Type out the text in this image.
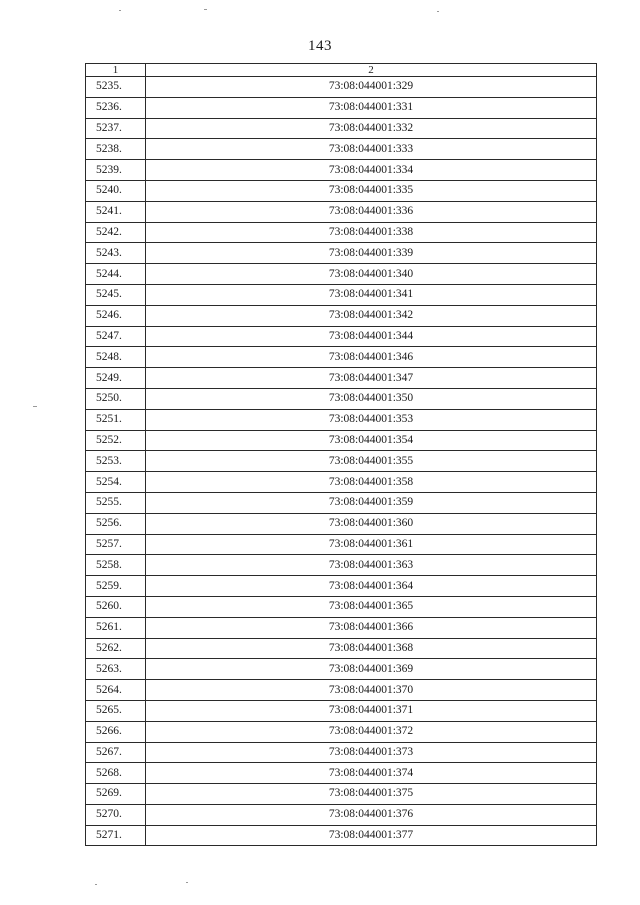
143
1	2
5235.	73:08:044001:329
5236.	73:08:044001:331
5237.	73:08:044001:332
5238.	73:08:044001:333
5239.	73:08:044001:334
5240.	73:08:044001:335
5241.	73:08:044001:336
5242.	73:08:044001:338
5243.	73:08:044001:339
5244.	73:08:044001:340
5245.	73:08:044001:341
5246.	73:08:044001:342
5247.	73:08:044001:344
5248.	73:08:044001:346
5249.	73:08:044001:347
5250.	73:08:044001:350
5251.	73:08:044001:353
5252.	73:08:044001:354
5253.	73:08:044001:355
5254.	73:08:044001:358
5255.	73:08:044001:359
5256.	73:08:044001:360
5257.	73:08:044001:361
5258.	73:08:044001:363
5259.	73:08:044001:364
5260.	73:08:044001:365
5261.	73:08:044001:366
5262.	73:08:044001:368
5263.	73:08:044001:369
5264.	73:08:044001:370
5265.	73:08:044001:371
5266.	73:08:044001:372
5267.	73:08:044001:373
5268.	73:08:044001:374
5269.	73:08:044001:375
5270.	73:08:044001:376
5271.	73:08:044001:377
